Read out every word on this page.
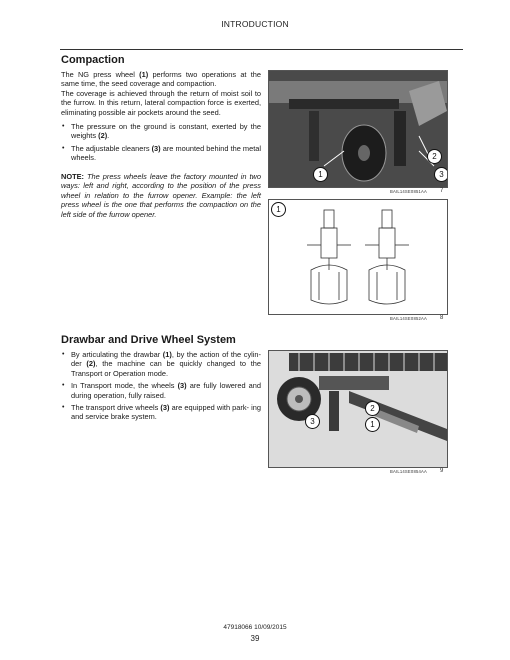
INTRODUCTION
Compaction
The NG press wheel (1) performs two operations at the same time, the seed coverage and compaction.
The coverage is achieved through the return of moist soil to the furrow. In this return, lateral compaction force is exerted, eliminating possible air pockets around the seed.
• The pressure on the ground is constant, exerted by the weights (2).
• The adjustable cleaners (3) are mounted behind the metal wheels.
NOTE: The press wheels leave the factory mounted in two ways: left and right, according to the position of the press wheel in relation to the furrow opener. Example: the left press wheel is the one that performs the compaction on the left side of the furrow opener.
1
2
3
BAIL14SE0851AA 7
1
BAIL14SE0852AA 8
Drawbar and Drive Wheel System
• By articulating the drawbar (1), by the action of the cylin- der (2), the machine can be quickly changed to the Transport or Operation mode.
• In Transport mode, the wheels (3) are fully lowered and during operation, fully raised.
• The transport drive wheels (3) are equipped with park- ing and service brake system.
3
2
1
BAIL14SE0854AA 9
47918066 10/09/2015
39
